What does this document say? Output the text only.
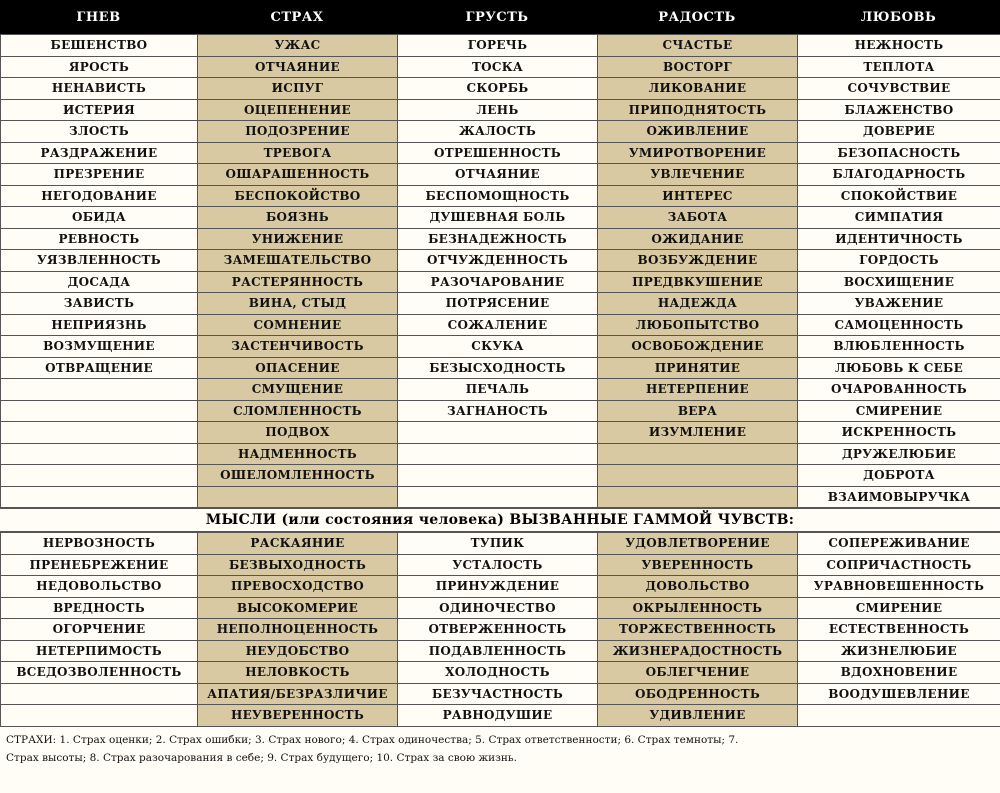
ГНЕВ	СТРАХ	ГРУСТЬ	РАДОСТЬ	ЛЮБОВЬ
БЕШЕНСТВО	УЖАС	ГОРЕЧЬ	СЧАСТЬЕ	НЕЖНОСТЬ
ЯРОСТЬ	ОТЧАЯНИЕ	ТОСКА	ВОСТОРГ	ТЕПЛОТА
НЕНАВИСТЬ	ИСПУГ	СКОРБЬ	ЛИКОВАНИЕ	СОЧУВСТВИЕ
ИСТЕРИЯ	ОЦЕПЕНЕНИЕ	ЛЕНЬ	ПРИПОДНЯТОСТЬ	БЛАЖЕНСТВО
ЗЛОСТЬ	ПОДОЗРЕНИЕ	ЖАЛОСТЬ	ОЖИВЛЕНИЕ	ДОВЕРИЕ
РАЗДРАЖЕНИЕ	ТРЕВОГА	ОТРЕШЕННОСТЬ	УМИРОТВОРЕНИЕ	БЕЗОПАСНОСТЬ
ПРЕЗРЕНИЕ	ОШАРАШЕННОСТЬ	ОТЧАЯНИЕ	УВЛЕЧЕНИЕ	БЛАГОДАРНОСТЬ
НЕГОДОВАНИЕ	БЕСПОКОЙСТВО	БЕСПОМОЩНОСТЬ	ИНТЕРЕС	СПОКОЙСТВИЕ
ОБИДА	БОЯЗНЬ	ДУШЕВНАЯ БОЛЬ	ЗАБОТА	СИМПАТИЯ
РЕВНОСТЬ	УНИЖЕНИЕ	БЕЗНАДЕЖНОСТЬ	ОЖИДАНИЕ	ИДЕНТИЧНОСТЬ
УЯЗВЛЕННОСТЬ	ЗАМЕШАТЕЛЬСТВО	ОТЧУЖДЕННОСТЬ	ВОЗБУЖДЕНИЕ	ГОРДОСТЬ
ДОСАДА	РАСТЕРЯННОСТЬ	РАЗОЧАРОВАНИЕ	ПРЕДВКУШЕНИЕ	ВОСХИЩЕНИЕ
ЗАВИСТЬ	ВИНА, СТЫД	ПОТРЯСЕНИЕ	НАДЕЖДА	УВАЖЕНИЕ
НЕПРИЯЗНЬ	СОМНЕНИЕ	СОЖАЛЕНИЕ	ЛЮБОПЫТСТВО	САМОЦЕННОСТЬ
ВОЗМУЩЕНИЕ	ЗАСТЕНЧИВОСТЬ	СКУКА	ОСВОБОЖДЕНИЕ	ВЛЮБЛЕННОСТЬ
ОТВРАЩЕНИЕ	ОПАСЕНИЕ	БЕЗЫСХОДНОСТЬ	ПРИНЯТИЕ	ЛЮБОВЬ К СЕБЕ
	СМУЩЕНИЕ	ПЕЧАЛЬ	НЕТЕРПЕНИЕ	ОЧАРОВАННОСТЬ
	СЛОМЛЕННОСТЬ	ЗАГНАНОСТЬ	ВЕРА	СМИРЕНИЕ
	ПОДВОХ		ИЗУМЛЕНИЕ	ИСКРЕННОСТЬ
	НАДМЕННОСТЬ			ДРУЖЕЛЮБИЕ
	ОШЕЛОМЛЕННОСТЬ			ДОБРОТА
				ВЗАИМОВЫРУЧКА
МЫСЛИ (или состояния человека) ВЫЗВАННЫЕ ГАММОЙ ЧУВСТВ:
НЕРВОЗНОСТЬ	РАСКАЯНИЕ	ТУПИК	УДОВЛЕТВОРЕНИЕ	СОПЕРЕЖИВАНИЕ
ПРЕНЕБРЕЖЕНИЕ	БЕЗВЫХОДНОСТЬ	УСТАЛОСТЬ	УВЕРЕННОСТЬ	СОПРИЧАСТНОСТЬ
НЕДОВОЛЬСТВО	ПРЕВОСХОДСТВО	ПРИНУЖДЕНИЕ	ДОВОЛЬСТВО	УРАВНОВЕШЕННОСТЬ
ВРЕДНОСТЬ	ВЫСОКОМЕРИЕ	ОДИНОЧЕСТВО	ОКРЫЛЕННОСТЬ	СМИРЕНИЕ
ОГОРЧЕНИЕ	НЕПОЛНОЦЕННОСТЬ	ОТВЕРЖЕННОСТЬ	ТОРЖЕСТВЕННОСТЬ	ЕСТЕСТВЕННОСТЬ
НЕТЕРПИМОСТЬ	НЕУДОБСТВО	ПОДАВЛЕННОСТЬ	ЖИЗНЕРАДОСТНОСТЬ	ЖИЗНЕЛЮБИЕ
ВСЕДОЗВОЛЕННОСТЬ	НЕЛОВКОСТЬ	ХОЛОДНОСТЬ	ОБЛЕГЧЕНИЕ	ВДОХНОВЕНИЕ
	АПАТИЯ/БЕЗРАЗЛИЧИЕ	БЕЗУЧАСТНОСТЬ	ОБОДРЕННОСТЬ	ВООДУШЕВЛЕНИЕ
	НЕУВЕРЕННОСТЬ	РАВНОДУШИЕ	УДИВЛЕНИЕ	
СТРАХИ: 1. Страх оценки; 2. Страх ошибки; 3. Страх нового; 4. Страх одиночества; 5. Страх ответственности; 6. Страх темноты; 7.
Страх высоты; 8. Страх разочарования в себе; 9. Страх будущего; 10. Страх за свою жизнь.
